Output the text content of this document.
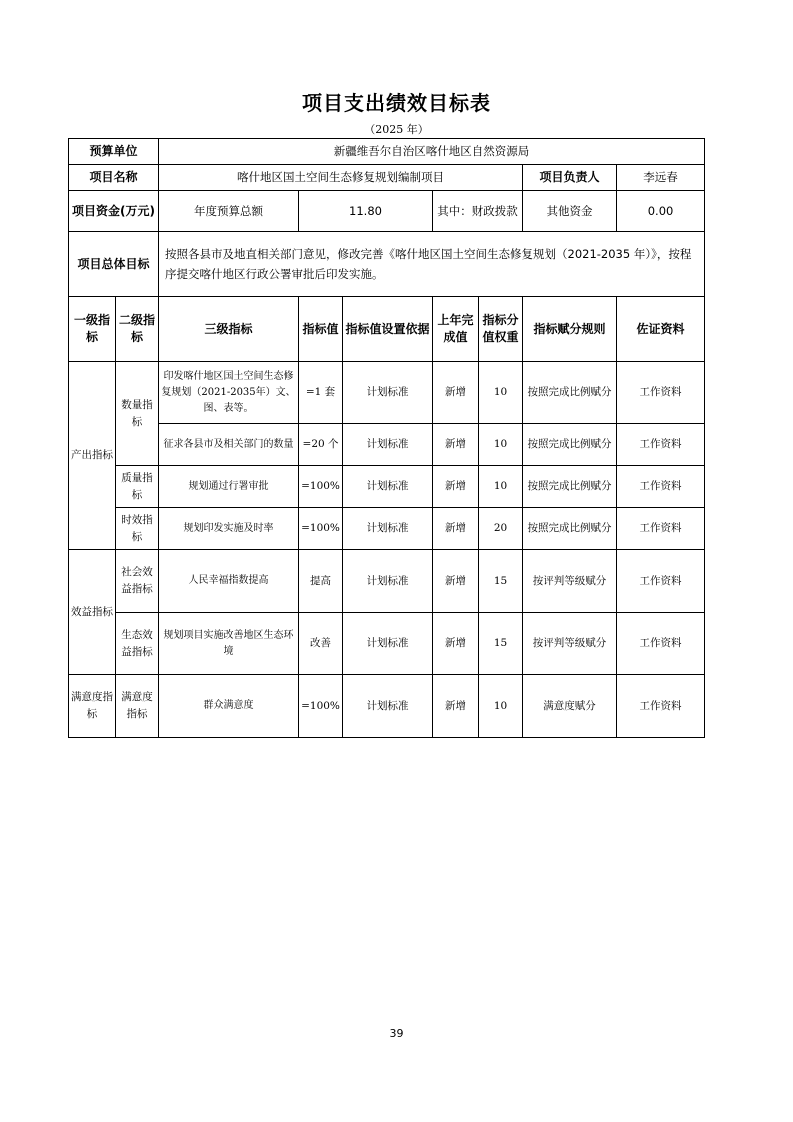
项目支出绩效目标表
（2025 年）
预算单位		新疆维吾尔自治区喀什地区自然资源局						
项目名称		喀什地区国土空间生态修复规划编制项目					项目负责人	李远春
项目资金(万元)		年度预算总额	11.80		其中：财政拨款		其他资金	0.00
项目总体目标		按照各县市及地直相关部门意见，修改完善《喀什地区国土空间生态修复规划（2021-2035 年）》，按程序提交喀什地区行政公署审批后印发实施。						
一级指标	二级指标	三级指标	指标值	指标值设置依据	上年完成值	指标分值权重	指标赋分规则	佐证资料
产出指标	数量指标	印发喀什地区国土空间生态修复规划（2021-2035年）文、图、表等。	=1 套	计划标准	新增	10	按照完成比例赋分	工作资料
		征求各县市及相关部门的数量	=20 个	计划标准	新增	10	按照完成比例赋分	工作资料
	质量指标	规划通过行署审批	=100%	计划标准	新增	10	按照完成比例赋分	工作资料
	时效指标	规划印发实施及时率	=100%	计划标准	新增	20	按照完成比例赋分	工作资料
效益指标	社会效益指标	人民幸福指数提高	提高	计划标准	新增	15	按评判等级赋分	工作资料
	生态效益指标	规划项目实施改善地区生态环境	改善	计划标准	新增	15	按评判等级赋分	工作资料
满意度指标	满意度指标	群众满意度	=100%	计划标准	新增	10	满意度赋分	工作资料
39
